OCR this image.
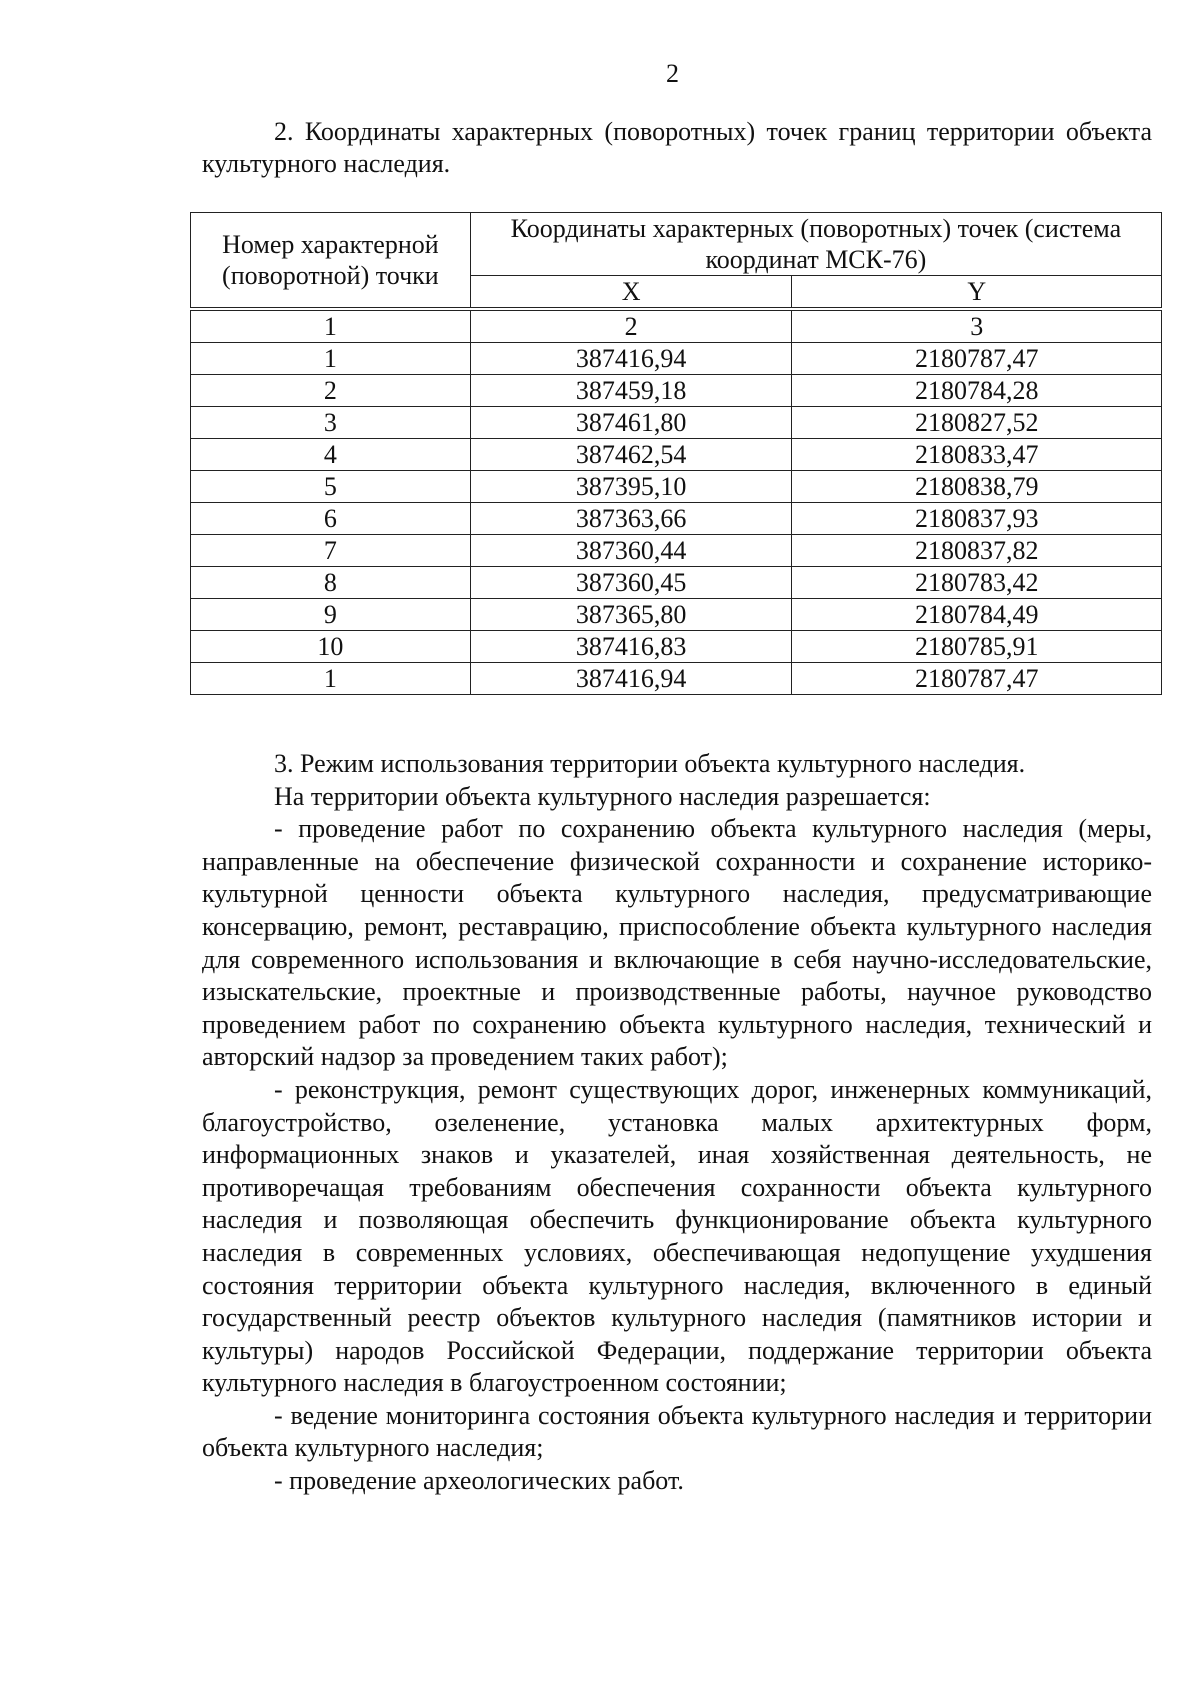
2

2. Координаты характерных (поворотных) точек границ территории объекта культурного наследия.

Номер характерной (поворотной) точки	Координаты характерных (поворотных) точек (система координат МСК-76)	
	X	Y

1	2	3
1	387416,94	2180787,47
2	387459,18	2180784,28
3	387461,80	2180827,52
4	387462,54	2180833,47
5	387395,10	2180838,79
6	387363,66	2180837,93
7	387360,44	2180837,82
8	387360,45	2180783,42
9	387365,80	2180784,49
10	387416,83	2180785,91
1	387416,94	2180787,47

3. Режим использования территории объекта культурного наследия.

На территории объекта культурного наследия разрешается:

- проведение работ по сохранению объекта культурного наследия (меры, направленные на обеспечение физической сохранности и сохранение историко-культурной ценности объекта культурного наследия, предусматривающие консервацию, ремонт, реставрацию, приспособление объекта культурного наследия для современного использования и включающие в себя научно-исследовательские, изыскательские, проектные и производственные работы, научное руководство проведением работ по сохранению объекта культурного наследия, технический и авторский надзор за проведением таких работ);

- реконструкция, ремонт существующих дорог, инженерных коммуникаций, благоустройство, озеленение, установка малых архитектурных форм, информационных знаков и указателей, иная хозяйственная деятельность, не противоречащая требованиям обеспечения сохранности объекта культурного наследия и позволяющая обеспечить функционирование объекта культурного наследия в современных условиях, обеспечивающая недопущение ухудшения состояния территории объекта культурного наследия, включенного в единый государственный реестр объектов культурного наследия (памятников истории и культуры) народов Российской Федерации, поддержание территории объекта культурного наследия в благоустроенном состоянии;

- ведение мониторинга состояния объекта культурного наследия и территории объекта культурного наследия;

- проведение археологических работ.
